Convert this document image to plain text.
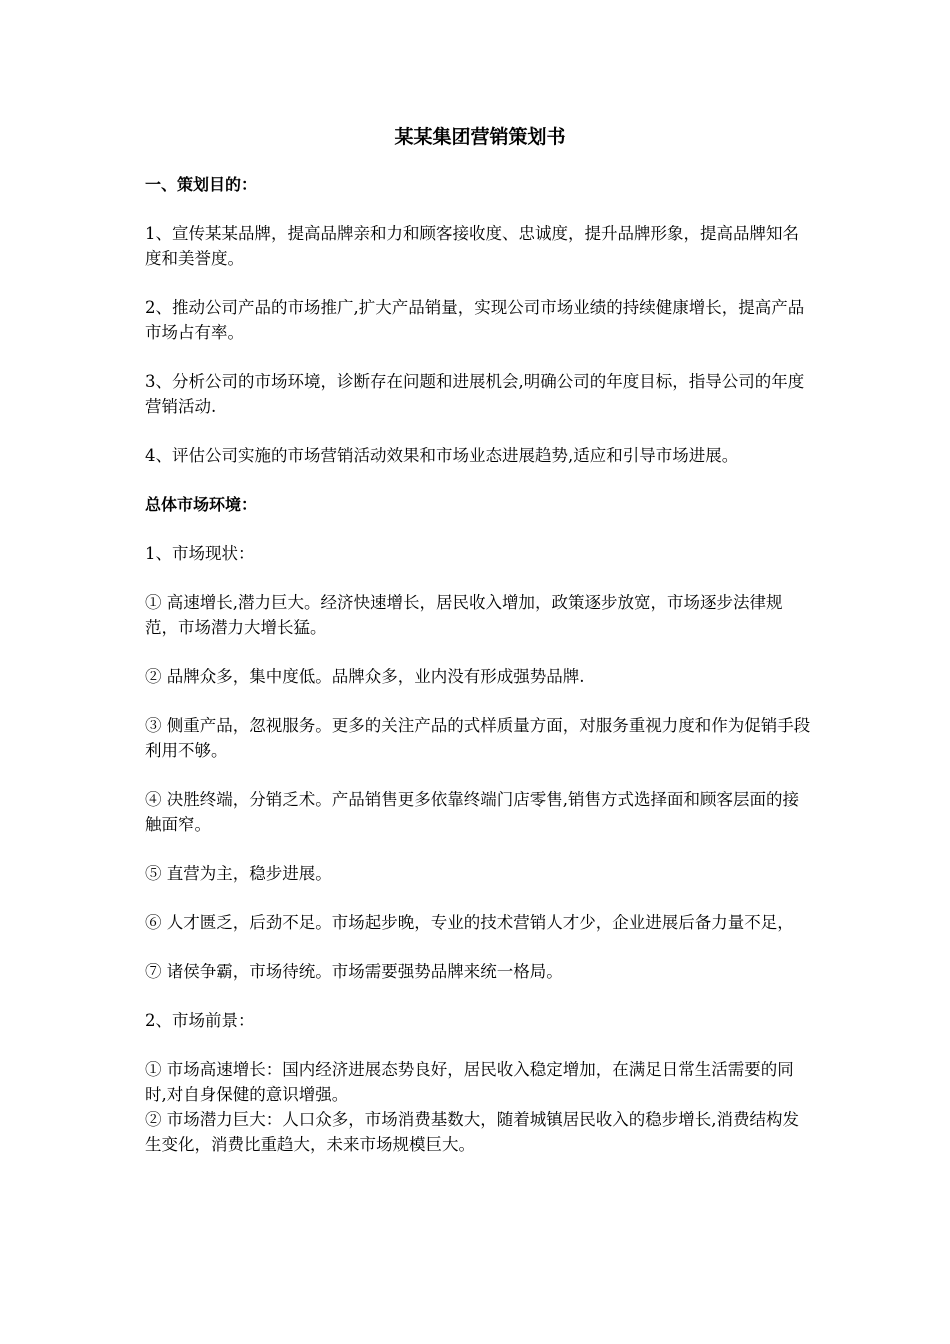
某某集团营销策划书
一、策划目的：
1、宣传某某品牌，提高品牌亲和力和顾客接收度、忠诚度，提升品牌形象，提高品牌知名度和美誉度。
2、推动公司产品的市场推广,扩大产品销量，实现公司市场业绩的持续健康增长，提高产品市场占有率。
3、分析公司的市场环境，诊断存在问题和进展机会,明确公司的年度目标，指导公司的年度营销活动.
4、评估公司实施的市场营销活动效果和市场业态进展趋势,适应和引导市场进展。
总体市场环境：
1、市场现状：
① 高速增长,潜力巨大。经济快速增长，居民收入增加，政策逐步放宽，市场逐步法律规范，市场潜力大增长猛。
② 品牌众多，集中度低。品牌众多，业内没有形成强势品牌.
③ 侧重产品，忽视服务。更多的关注产品的式样质量方面，对服务重视力度和作为促销手段利用不够。
④ 决胜终端，分销乏术。产品销售更多依靠终端门店零售,销售方式选择面和顾客层面的接触面窄。
⑤ 直营为主，稳步进展。
⑥ 人才匮乏，后劲不足。市场起步晚，专业的技术营销人才少，企业进展后备力量不足，
⑦ 诸侯争霸，市场待统。市场需要强势品牌来统一格局。
2、市场前景：
① 市场高速增长：国内经济进展态势良好，居民收入稳定增加，在满足日常生活需要的同时,对自身保健的意识增强。
② 市场潜力巨大：人口众多，市场消费基数大，随着城镇居民收入的稳步增长,消费结构发生变化，消费比重趋大，未来市场规模巨大。
